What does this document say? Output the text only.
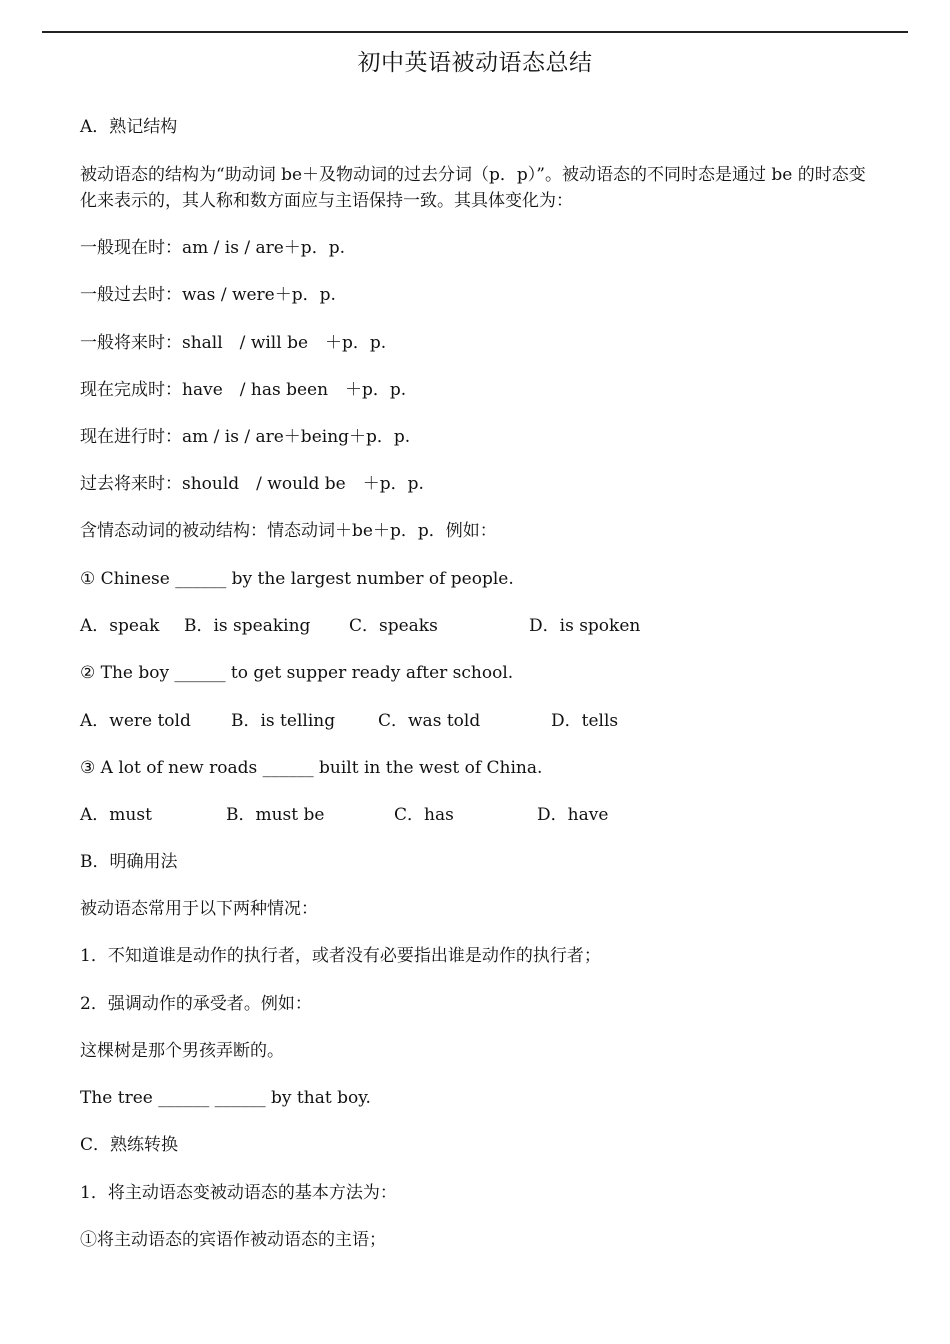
初中英语被动语态总结
A．熟记结构
被动语态的结构为“助动词 be＋及物动词的过去分词（p．p）”。被动语态的不同时态是通过 be 的时态变化来表示的，其人称和数方面应与主语保持一致。其具体变化为：
一般现在时：am / is / are＋p．p.
一般过去时：was / were＋p．p.
一般将来时：shall　/ will be　＋p．p.
现在完成时：have　/ has been　＋p．p.
现在进行时：am / is / are＋being＋p．p.
过去将来时：should　/ would be　＋p．p.
含情态动词的被动结构：情态动词＋be＋p．p．例如：
① Chinese ______ by the largest number of people.
A．speak	B．is speaking	C．speaks	D．is spoken
② The boy ______ to get supper ready after school.
A．were told	B．is telling	C．was told	D．tells
③ A lot of new roads ______ built in the west of China.
A．must	B．must be	C．has	D．have
B．明确用法
被动语态常用于以下两种情况：
1．不知道谁是动作的执行者，或者没有必要指出谁是动作的执行者；
2．强调动作的承受者。例如：
这棵树是那个男孩弄断的。
The tree ______ ______ by that boy.
C．熟练转换
1．将主动语态变被动语态的基本方法为：
①将主动语态的宾语作被动语态的主语；
